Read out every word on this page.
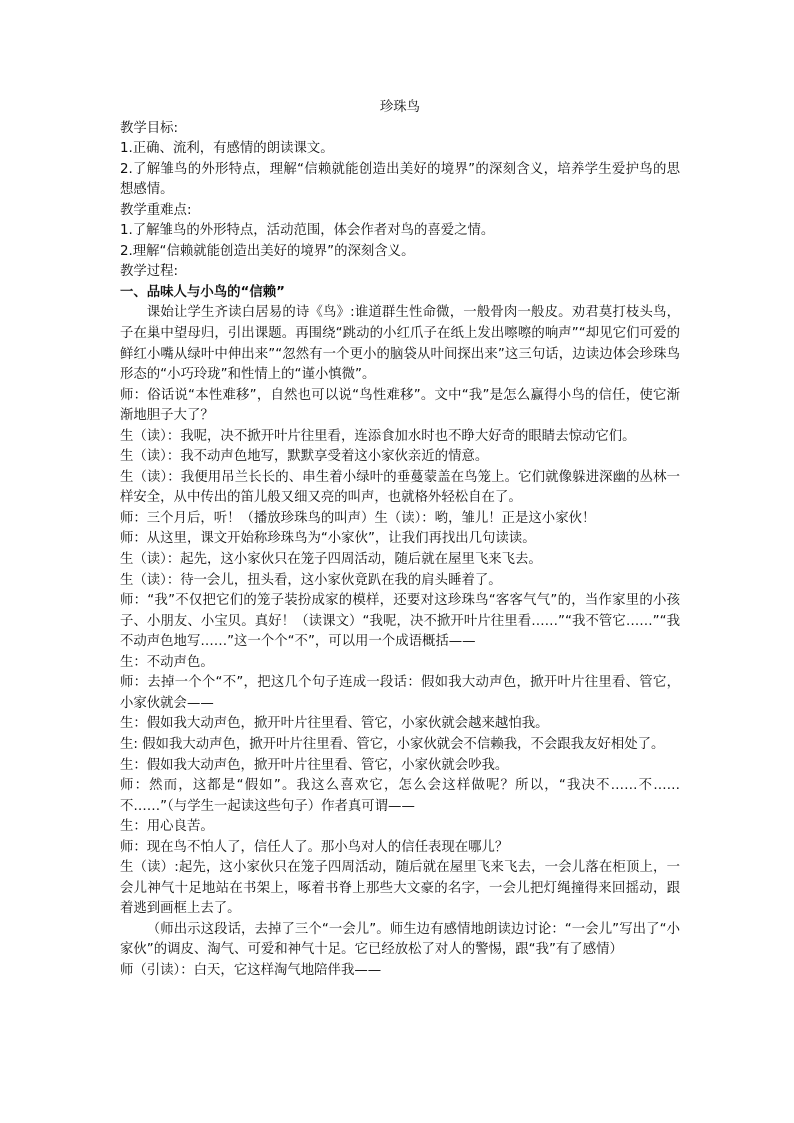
珍珠鸟

教学目标:

1.正确、流利，有感情的朗读课文。

2.了解雏鸟的外形特点，理解“信赖就能创造出美好的境界”的深刻含义，培养学生爱护鸟的思想感情。

教学重难点:

1.了解雏鸟的外形特点，活动范围，体会作者对鸟的喜爱之情。

2.理解“信赖就能创造出美好的境界”的深刻含义。

教学过程:

一、品味人与小鸟的“信赖”

课始让学生齐读白居易的诗《鸟》:谁道群生性命微，一般骨肉一般皮。劝君莫打枝头鸟，子在巢中望母归，引出课题。再围绕“跳动的小红爪子在纸上发出嚓嚓的响声”“却见它们可爱的鲜红小嘴从绿叶中伸出来”“忽然有一个更小的脑袋从叶间探出来”这三句话，边读边体会珍珠鸟形态的“小巧玲珑”和性情上的“谨小慎微”。

师：俗话说“本性难移”，自然也可以说“鸟性难移”。文中“我”是怎么赢得小鸟的信任，使它渐渐地胆子大了？

生（读）：我呢，决不掀开叶片往里看，连添食加水时也不睁大好奇的眼睛去惊动它们。

生（读）：我不动声色地写，默默享受着这小家伙亲近的情意。

生（读）：我便用吊兰长长的、串生着小绿叶的垂蔓蒙盖在鸟笼上。它们就像躲进深幽的丛林一样安全，从中传出的笛儿般又细又亮的叫声，也就格外轻松自在了。

师：三个月后，听！（播放珍珠鸟的叫声）生（读）：哟，雏儿！正是这小家伙！

师：从这里，课文开始称珍珠鸟为“小家伙”，让我们再找出几句读读。

生（读）：起先，这小家伙只在笼子四周活动，随后就在屋里飞来飞去。

生（读）：待一会儿，扭头看，这小家伙竟趴在我的肩头睡着了。

师：“我”不仅把它们的笼子装扮成家的模样，还要对这珍珠鸟“客客气气”的，当作家里的小孩子、小朋友、小宝贝。真好！（读课文）“我呢，决不掀开叶片往里看……”“我不管它……”“我不动声色地写……”这一个个“不”，可以用一个成语概括——

生：不动声色。

师：去掉一个个“不”，把这几个句子连成一段话：假如我大动声色，掀开叶片往里看、管它，小家伙就会——

生：假如我大动声色，掀开叶片往里看、管它，小家伙就会越来越怕我。

生: 假如我大动声色，掀开叶片往里看、管它，小家伙就会不信赖我，不会跟我友好相处了。

生：假如我大动声色，掀开叶片往里看、管它，小家伙就会吵我。

师：然而，这都是“假如”。我这么喜欢它，怎么会这样做呢？所以，“我决不……不……不……”（与学生一起读这些句子）作者真可谓——

生：用心良苦。

师：现在鸟不怕人了，信任人了。那小鸟对人的信任表现在哪儿？

生（读）:起先，这小家伙只在笼子四周活动，随后就在屋里飞来飞去，一会儿落在柜顶上，一会儿神气十足地站在书架上，啄着书脊上那些大文豪的名字，一会儿把灯绳撞得来回摇动，跟着逃到画框上去了。

（师出示这段话，去掉了三个“一会儿”。师生边有感情地朗读边讨论：“一会儿”写出了“小家伙”的调皮、淘气、可爱和神气十足。它已经放松了对人的警惕，跟“我”有了感情）

师（引读）：白天，它这样淘气地陪伴我——
